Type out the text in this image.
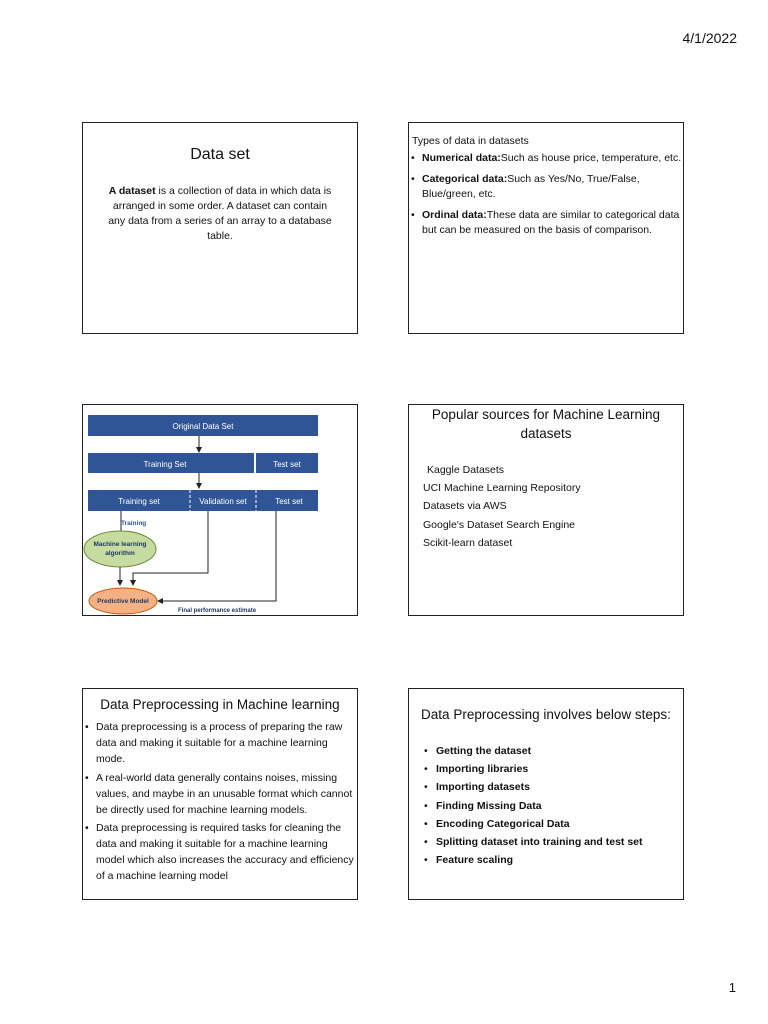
4/1/2022
Data set
A dataset is a collection of data in which data is arranged in some order. A dataset can contain any data from a series of an array to a database table.
Types of data in datasets
• Numerical data:Such as house price, temperature, etc.
• Categorical data:Such as Yes/No, True/False, Blue/green, etc.
• Ordinal data:These data are similar to categorical data but can be measured on the basis of comparison.
Original Data Set
Training Set	Test set
Training set	Validation set	Test set
Training
Machine learning
algorithm
Predictive Model
Final performance estimate
Popular sources for Machine Learning datasets
Kaggle Datasets
UCI Machine Learning Repository
Datasets via AWS
Google's Dataset Search Engine
Scikit-learn dataset
Data Preprocessing in Machine learning
• Data preprocessing is a process of preparing the raw data and making it suitable for a machine learning mode.
• A real-world data generally contains noises, missing values, and maybe in an unusable format which cannot be directly used for machine learning models.
• Data preprocessing is required tasks for cleaning the data and making it suitable for a machine learning model which also increases the accuracy and efficiency of a machine learning model
Data Preprocessing involves below steps:
• Getting the dataset
• Importing libraries
• Importing datasets
• Finding Missing Data
• Encoding Categorical Data
• Splitting dataset into training and test set
• Feature scaling
1
